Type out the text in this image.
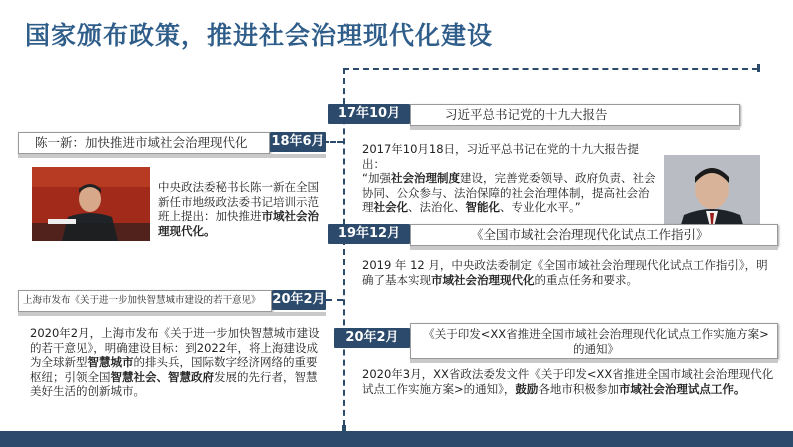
国家颁布政策，推进社会治理现代化建设
17年10月	习近平总书记党的十九大报告
2017年10月18日，习近平总书记在党的十九大报告提出：
“加强社会治理制度建设，完善党委领导、政府负责、社会协同、公众参与、法治保障的社会治理体制，提高社会治理社会化、法治化、智能化、专业化水平。”
陈一新：加快推进市域社会治理现代化	18年6月
中央政法委秘书长陈一新在全国新任市地级政法委书记培训示范班上提出：加快推进市域社会治理现代化。	19年12月	《全国市域社会治理现代化试点工作指引》
2019 年 12 月，中央政法委制定《全国市域社会治理现代化试点工作指引》，明确了基本实现市域社会治理现代化的重点任务和要求。
上海市发布《关于进一步加快智慧城市建设的若干意见》 20年2月
2020年2月，上海市发布《关于进一步加快智慧城市建设的若干意见》，明确建设目标：到2022年，将上海建设成为全球新型智慧城市的排头兵，国际数字经济网络的重要枢纽；引领全国智慧社会、智慧政府发展的先行者，智慧美好生活的创新城市。
20年2月	《关于印发<XX省推进全国市域社会治理现代化试点工作实施方案>的通知》
2020年3月，XX省政法委发文件《关于印发<XX省推进全国市域社会治理现代化试点工作实施方案>的通知》，鼓励各地市积极参加市域社会治理试点工作。
